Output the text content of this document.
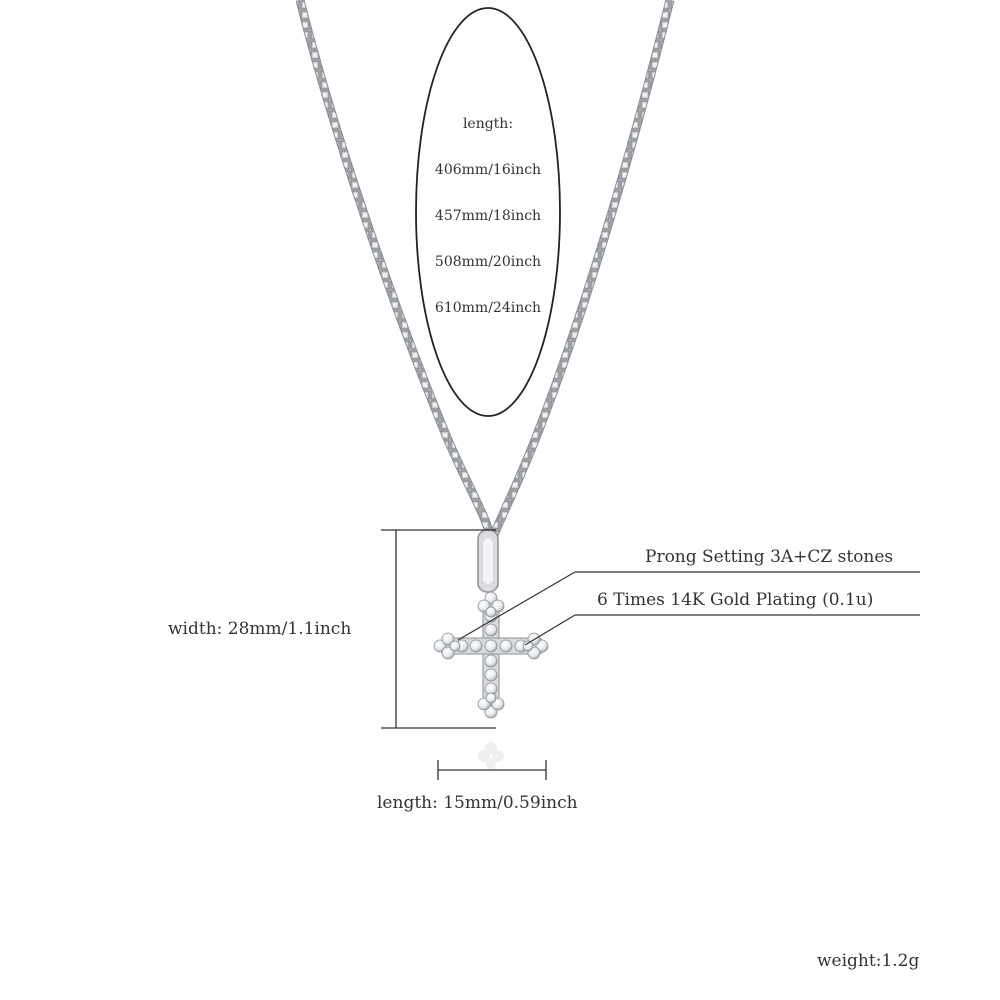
length:
406mm/16inch
457mm/18inch
508mm/20inch
610mm/24inch
Prong Setting 3A+CZ stones
6 Times 14K Gold Plating (0.1u)
width: 28mm/1.1inch
length: 15mm/0.59inch
weight:1.2g
